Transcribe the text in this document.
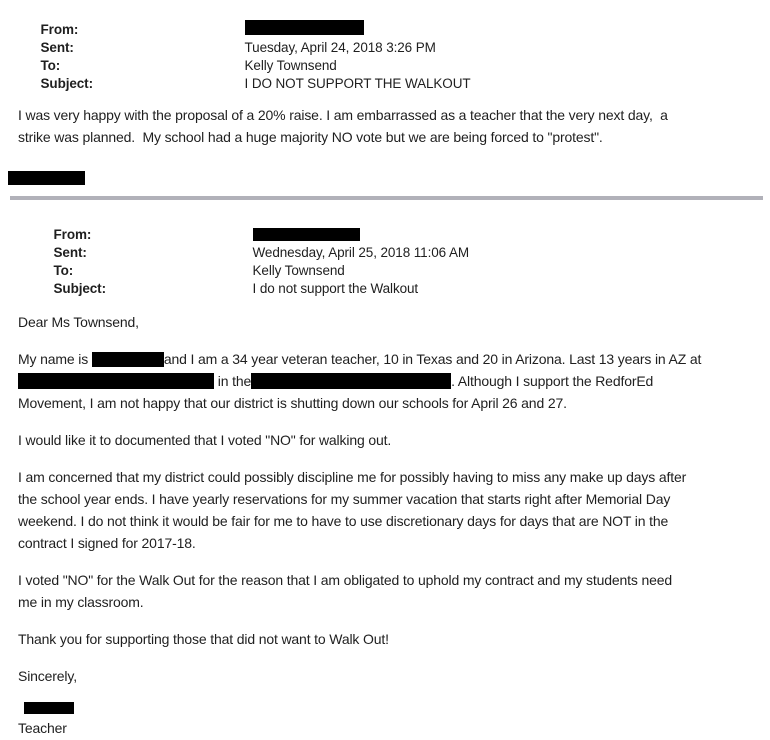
From:

Sent:	Tuesday, April 24, 2018 3:26 PM

To:	Kelly Townsend

Subject:	I DO NOT SUPPORT THE WALKOUT

I was very happy with the proposal of a 20% raise. I am embarrassed as a teacher that the very next day,  a
strike was planned.  My school had a huge majority NO vote but we are being forced to "protest".

From:

Sent:	Wednesday, April 25, 2018 11:06 AM

To:	Kelly Townsend

Subject:	I do not support the Walkout

Dear Ms Townsend,
My name is	and I am a 34 year veteran teacher, 10 in Texas and 20 in Arizona. Last 13 years in AZ at
in the	. Although I support the RedforEd
Movement, I am not happy that our district is shutting down our schools for April 26 and 27.
I would like it to documented that I voted "NO" for walking out.
I am concerned that my district could possibly discipline me for possibly having to miss any make up days after
the school year ends. I have yearly reservations for my summer vacation that starts right after Memorial Day
weekend. I do not think it would be fair for me to have to use discretionary days for days that are NOT in the
contract I signed for 2017-18.
I voted "NO" for the Walk Out for the reason that I am obligated to uphold my contract and my students need
me in my classroom.
Thank you for supporting those that did not want to Walk Out!
Sincerely,
Teacher
